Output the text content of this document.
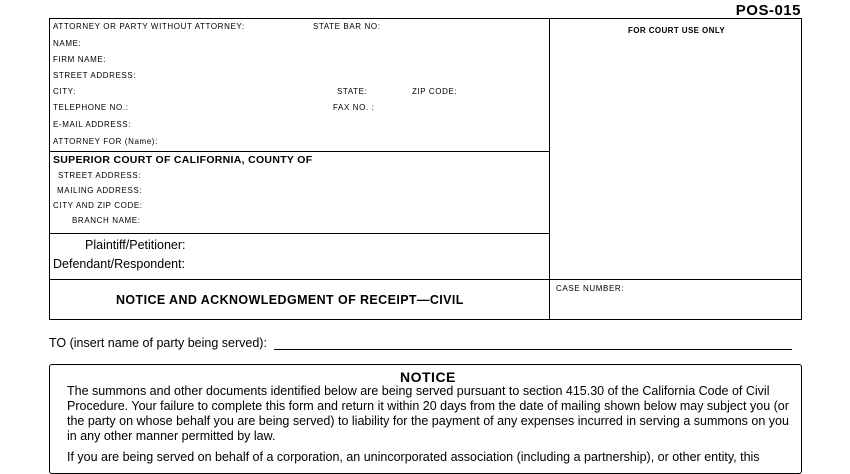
POS-015
ATTORNEY OR PARTY WITHOUT ATTORNEY:	STATE BAR NO:
NAME:
FIRM NAME:
STREET ADDRESS:
CITY:	STATE:	ZIP CODE:
TELEPHONE NO.:	FAX NO. :
E-MAIL ADDRESS:
ATTORNEY FOR (Name):
FOR COURT USE ONLY
SUPERIOR COURT OF CALIFORNIA, COUNTY OF
STREET ADDRESS:
MAILING ADDRESS:
CITY AND ZIP CODE:
BRANCH NAME:
Plaintiff/Petitioner:
Defendant/Respondent:
NOTICE AND ACKNOWLEDGMENT OF RECEIPT—CIVIL
CASE NUMBER:
TO (insert name of party being served):
NOTICE
The summons and other documents identified below are being served pursuant to section 415.30 of the California Code of Civil Procedure. Your failure to complete this form and return it within 20 days from the date of mailing shown below may subject you (or the party on whose behalf you are being served) to liability for the payment of any expenses incurred in serving a summons on you in any other manner permitted by law.
If you are being served on behalf of a corporation, an unincorporated association (including a partnership), or other entity, this
